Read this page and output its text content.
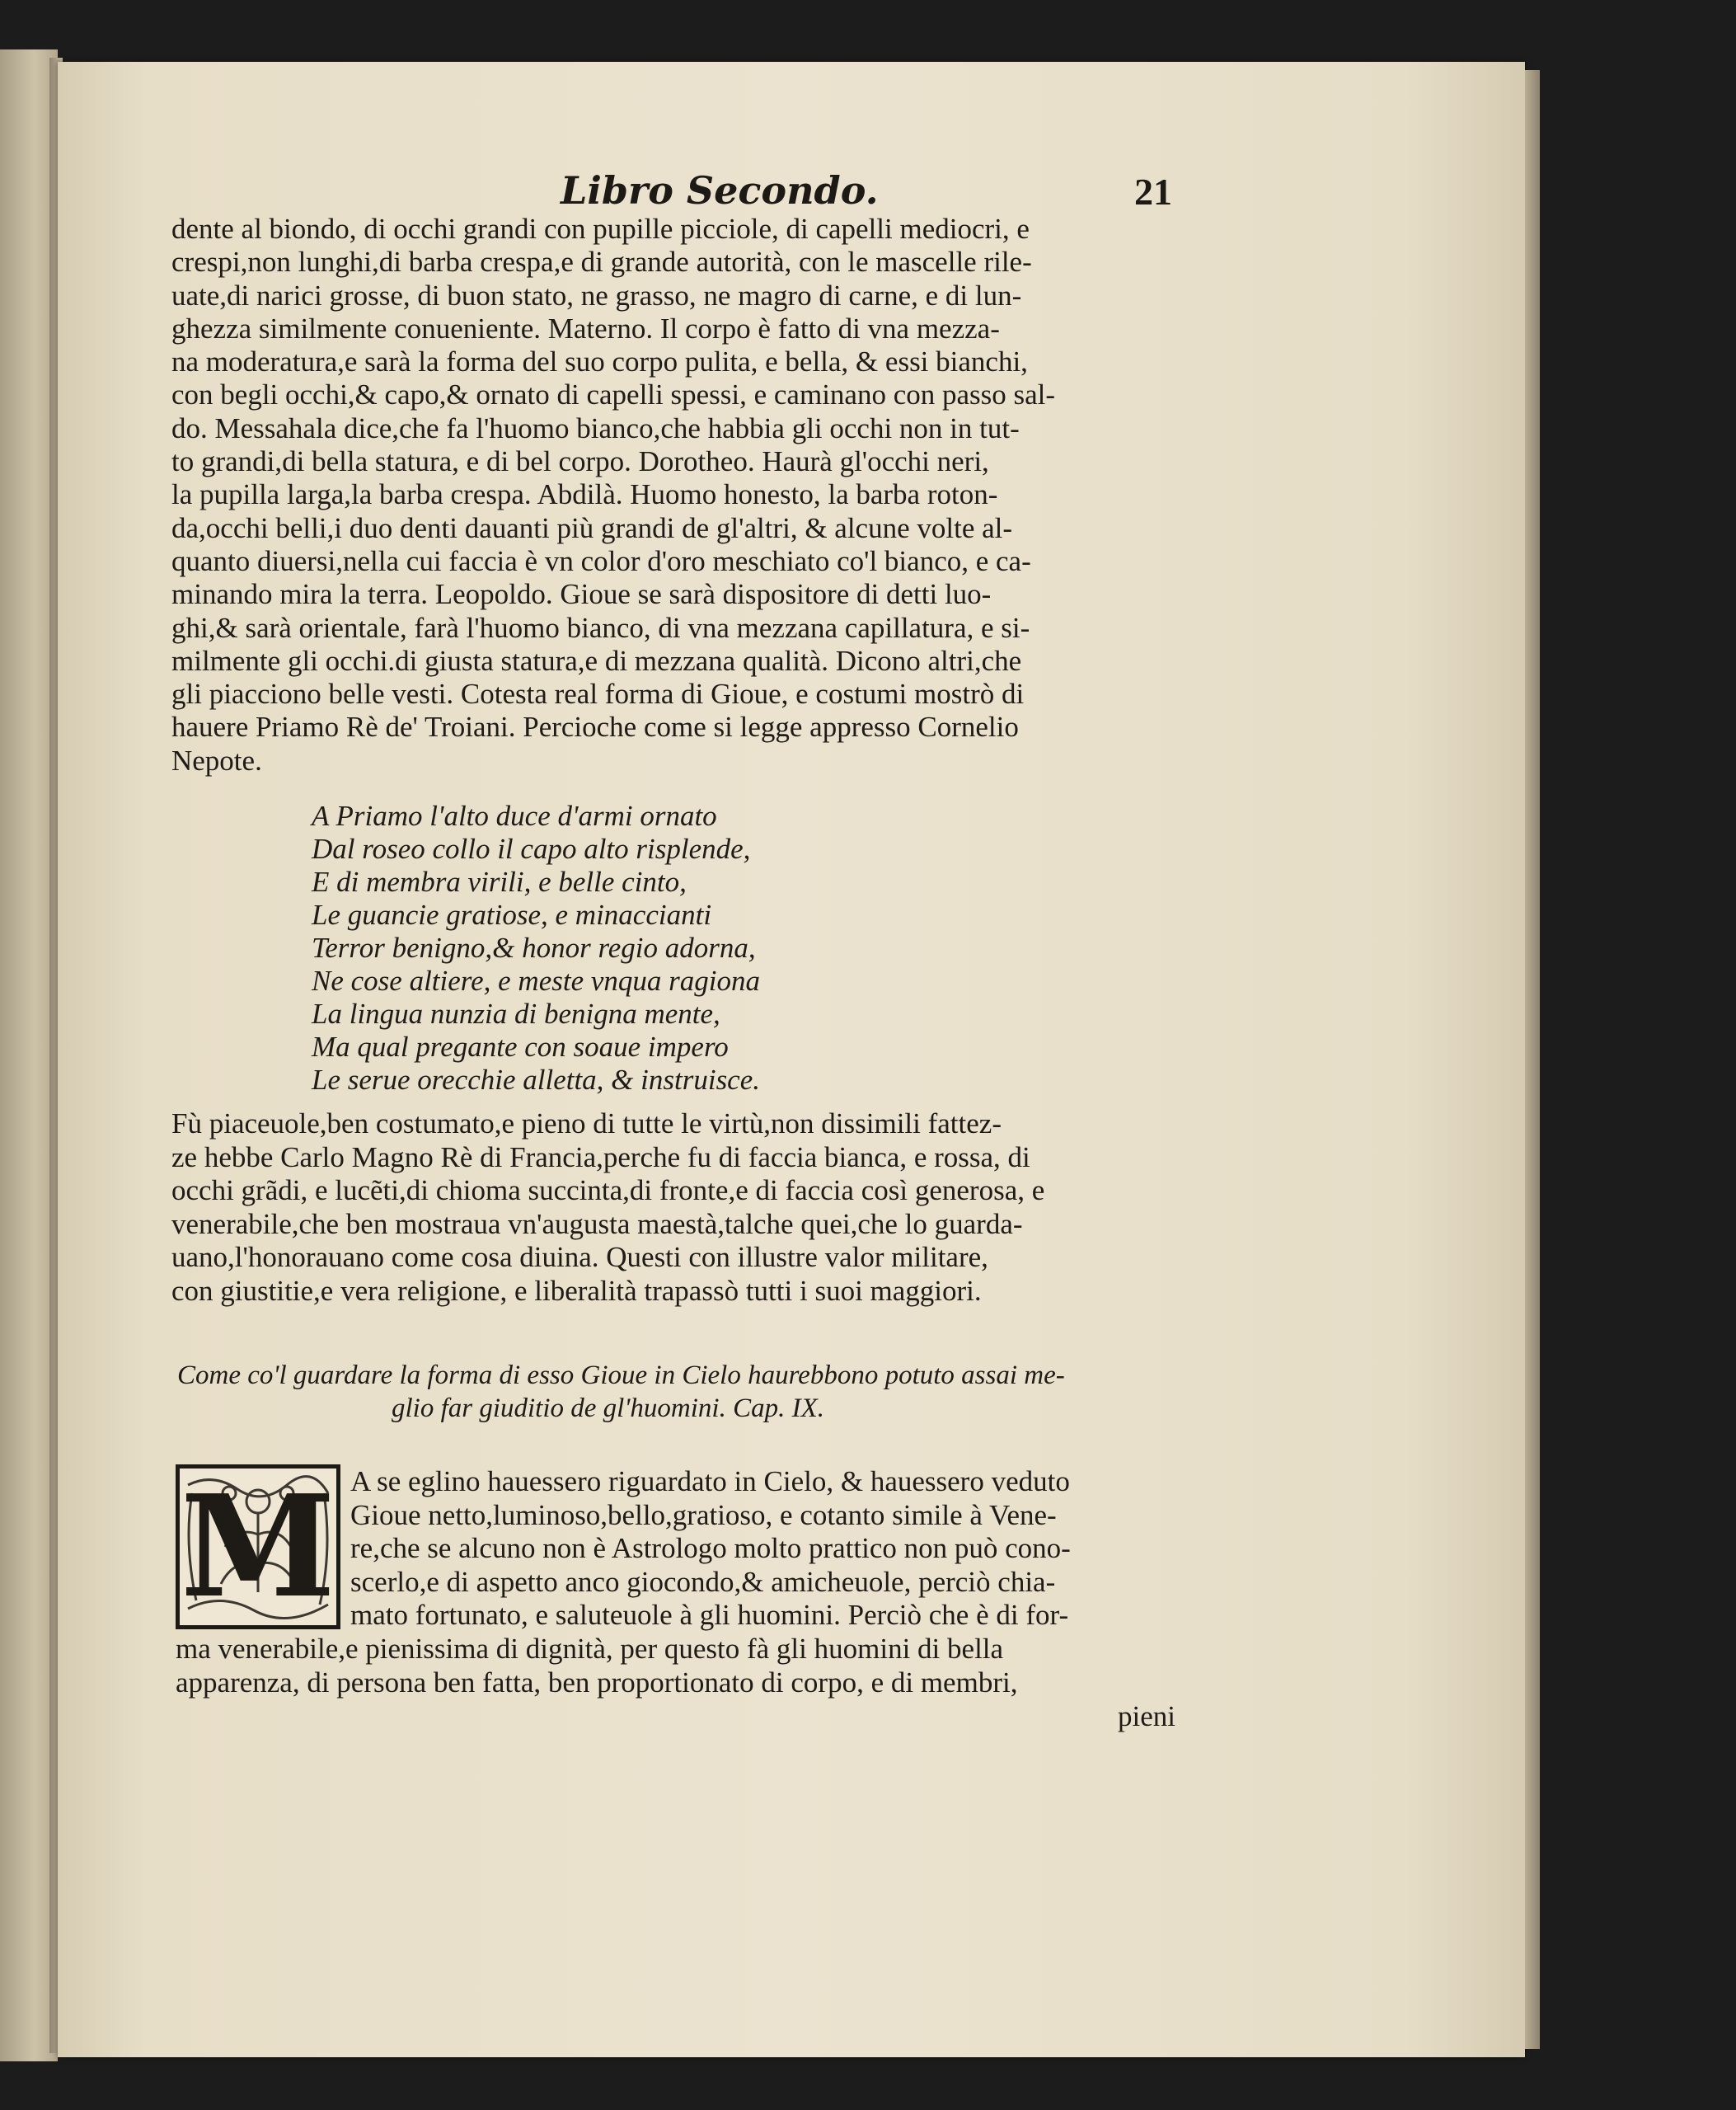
Libro Secondo.	21
dente al biondo, di occhi grandi con pupille picciole, di capelli mediocri, e
crespi,non lunghi,di barba crespa,e di grande autorità, con le mascelle rile-
uate,di narici grosse, di buon stato, ne grasso, ne magro di carne, e di lun-
ghezza similmente conueniente. Materno. Il corpo è fatto di vna mezza-
na moderatura,e sarà la forma del suo corpo pulita, e bella, & essi bianchi,
con begli occhi,& capo,& ornato di capelli spessi, e caminano con passo sal-
do. Messahala dice,che fa l'huomo bianco,che habbia gli occhi non in tut-
to grandi,di bella statura, e di bel corpo. Dorotheo. Haurà gl'occhi neri,
la pupilla larga,la barba crespa. Abdilà. Huomo honesto, la barba roton-
da,occhi belli,i duo denti dauanti più grandi de gl'altri, & alcune volte al-
quanto diuersi,nella cui faccia è vn color d'oro meschiato co'l bianco, e ca-
minando mira la terra. Leopoldo. Gioue se sarà dispositore di detti luo-
ghi,& sarà orientale, farà l'huomo bianco, di vna mezzana capillatura, e si-
milmente gli occhi.di giusta statura,e di mezzana qualità. Dicono altri,che
gli piacciono belle vesti. Cotesta real forma di Gioue, e costumi mostrò di
hauere Priamo Rè de' Troiani. Percioche come si legge appresso Cornelio
Nepote.
A Priamo l'alto duce d'armi ornato
Dal roseo collo il capo alto risplende,
E di membra virili, e belle cinto,
Le guancie gratiose, e minaccianti
Terror benigno,& honor regio adorna,
Ne cose altiere, e meste vnqua ragiona
La lingua nunzia di benigna mente,
Ma qual pregante con soaue impero
Le serue orecchie alletta, & instruisce.
Fù piaceuole,ben costumato,e pieno di tutte le virtù,non dissimili fattez-
ze hebbe Carlo Magno Rè di Francia,perche fu di faccia bianca, e rossa, di
occhi grãdi, e lucẽti,di chioma succinta,di fronte,e di faccia così generosa, e
venerabile,che ben mostraua vn'augusta maestà,talche quei,che lo guarda-
uano,l'honorauano come cosa diuina. Questi con illustre valor militare,
con giustitie,e vera religione, e liberalità trapassò tutti i suoi maggiori.
Come co'l guardare la forma di esso Gioue in Cielo haurebbono potuto assai me-
glio far giuditio de gl'huomini. Cap. IX.
M A se eglino hauessero riguardato in Cielo, & hauessero veduto
Gioue netto,luminoso,bello,gratioso, e cotanto simile à Vene-
re,che se alcuno non è Astrologo molto prattico non può cono-
scerlo,e di aspetto anco giocondo,& amicheuole, perciò chia-
mato fortunato, e saluteuole à gli huomini. Perciò che è di for-
ma venerabile,e pienissima di dignità, per questo fà gli huomini di bella
apparenza, di persona ben fatta, ben proportionato di corpo, e di membri,
pieni
